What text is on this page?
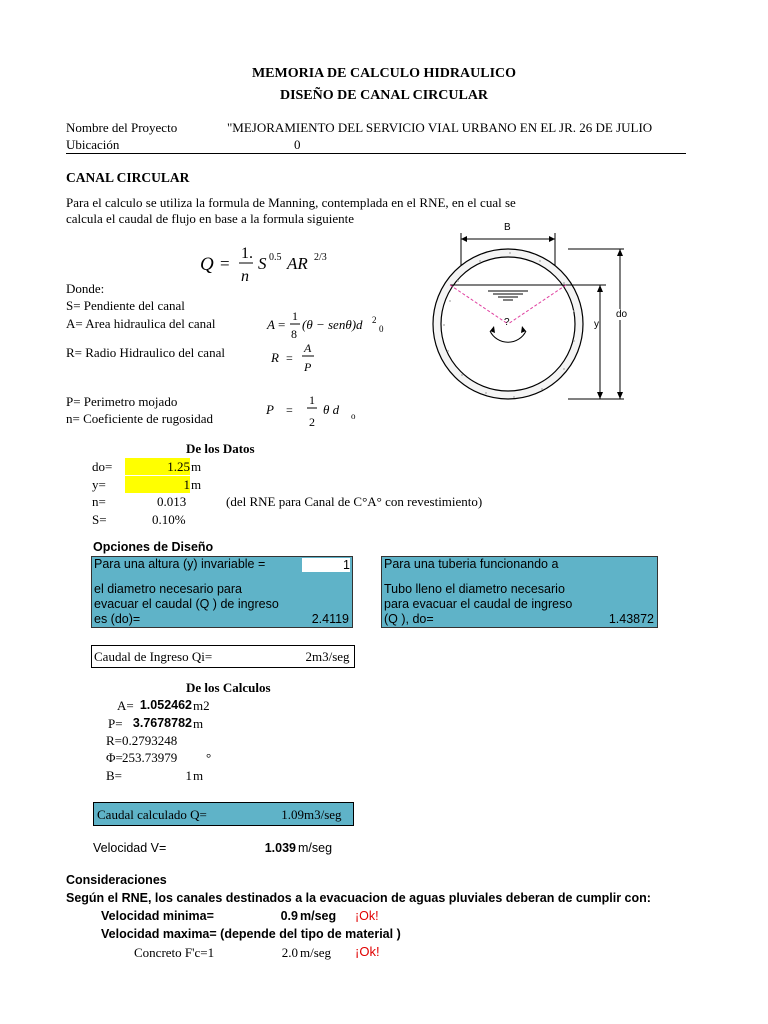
MEMORIA DE CALCULO HIDRAULICO
DISEÑO DE CANAL CIRCULAR
Nombre del Proyecto	"MEJORAMIENTO DEL SERVICIO VIAL URBANO EN EL JR. 26 DE JULIO
Ubicación	0
CANAL CIRCULAR
Para el calculo se utiliza la formula de Manning, contemplada en el RNE, en el cual se
calcula el caudal de flujo en base a la formula siguiente
Q =
1.
n
S 0.5 AR 2/3
Donde:
S= Pendiente del canal
A= Area hidraulica del canal
R= Radio Hidraulico del canal
P= Perimetro mojado
n= Coeficiente de rugosidad
A =
1
8
(θ − senθ)d 2
0
R =
A
P
P =
1
2
θ d o
B
do
y
?
De los Datos
do=	1.25 m
y=	1 m
n=	0.013	(del RNE para Canal de C°A° con revestimiento)
S=	0.10%
Opciones de Diseño
Para una altura (y) invariable =	1
el diametro necesario para
evacuar el caudal (Q ) de ingreso
es (do)=	2.4119
Para una tuberia funcionando a
Tubo lleno el diametro necesario
para evacuar el caudal de ingreso
(Q ), do=	1.43872
Caudal de Ingreso Qi=	2m3/seg
De los Calculos
A= 1.052462 m2
P= 3.7678782 m
R= 0.2793248
Φ= 253.73979 °
B=	1 m
Caudal calculado Q=	1.09m3/seg
Velocidad V=	1.039 m/seg
Consideraciones
Según el RNE, los canales destinados a la evacuacion de aguas pluviales deberan de cumplir con:
Velocidad minima=	0.9 m/seg ¡Ok!
Velocidad maxima= (depende del tipo de material )
Concreto F'c=1	2.0 m/seg ¡Ok!
